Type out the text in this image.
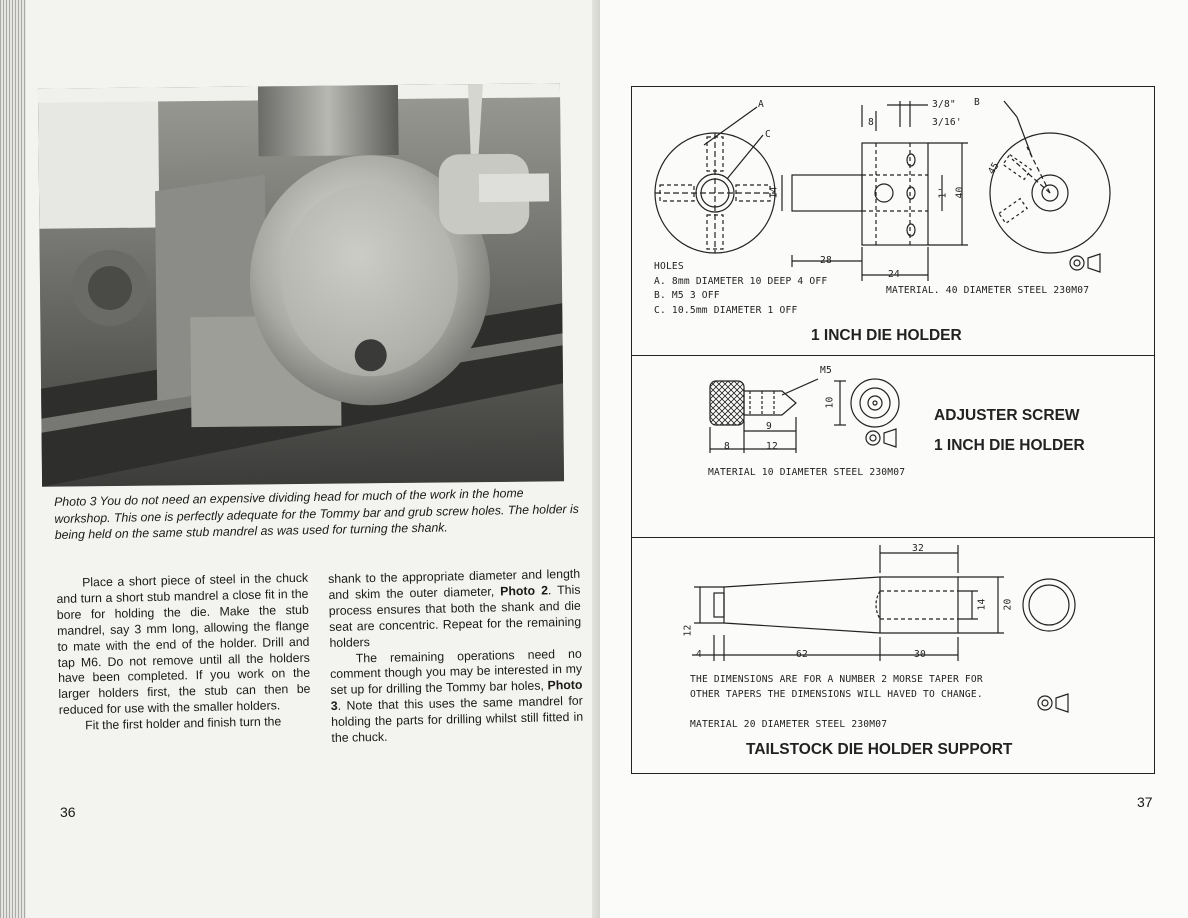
Photo 3 You do not need an expensive dividing head for much of the work in the home workshop. This one is perfectly adequate for the Tommy bar and grub screw holes. The holder is being held on the same stub mandrel as was used for turning the shank.

Place a short piece of steel in the chuck and turn a short stub mandrel a close fit in the bore for holding the die. Make the stub mandrel, say 3 mm long, allowing the flange to mate with the end of the holder. Drill and tap M6. Do not remove until all the holders have been completed. If you work on the larger holders first, the stub can then be reduced for use with the smaller holders.

Fit the first holder and finish turn the

shank to the appropriate diameter and length and skim the outer diameter, Photo 2. This process ensures that both the shank and die seat are concentric. Repeat for the remaining holders

The remaining operations need no comment though you may be interested in my set up for drilling the Tommy bar holes, Photo 3. Note that this uses the same mandrel for holding the parts for drilling whilst still fitted in the chuck.

36
37
A
C
B
8
3/8"
3/16'
14	1' 40
45
28
24
HOLES
A. 8mm DIAMETER 10 DEEP 4 OFF
B. M5 3 OFF
C. 10.5mm DIAMETER 1 OFF
MATERIAL. 40 DIAMETER STEEL 230M07
1 INCH DIE HOLDER
M5
10
9
8	12
MATERIAL 10 DIAMETER STEEL 230M07
ADJUSTER SCREW
1 INCH DIE HOLDER
32
12
14 20
4	62	30
THE DIMENSIONS ARE FOR A NUMBER 2 MORSE TAPER FOR
OTHER TAPERS THE DIMENSIONS WILL HAVED TO CHANGE.
MATERIAL 20 DIAMETER STEEL 230M07
TAILSTOCK DIE HOLDER SUPPORT
